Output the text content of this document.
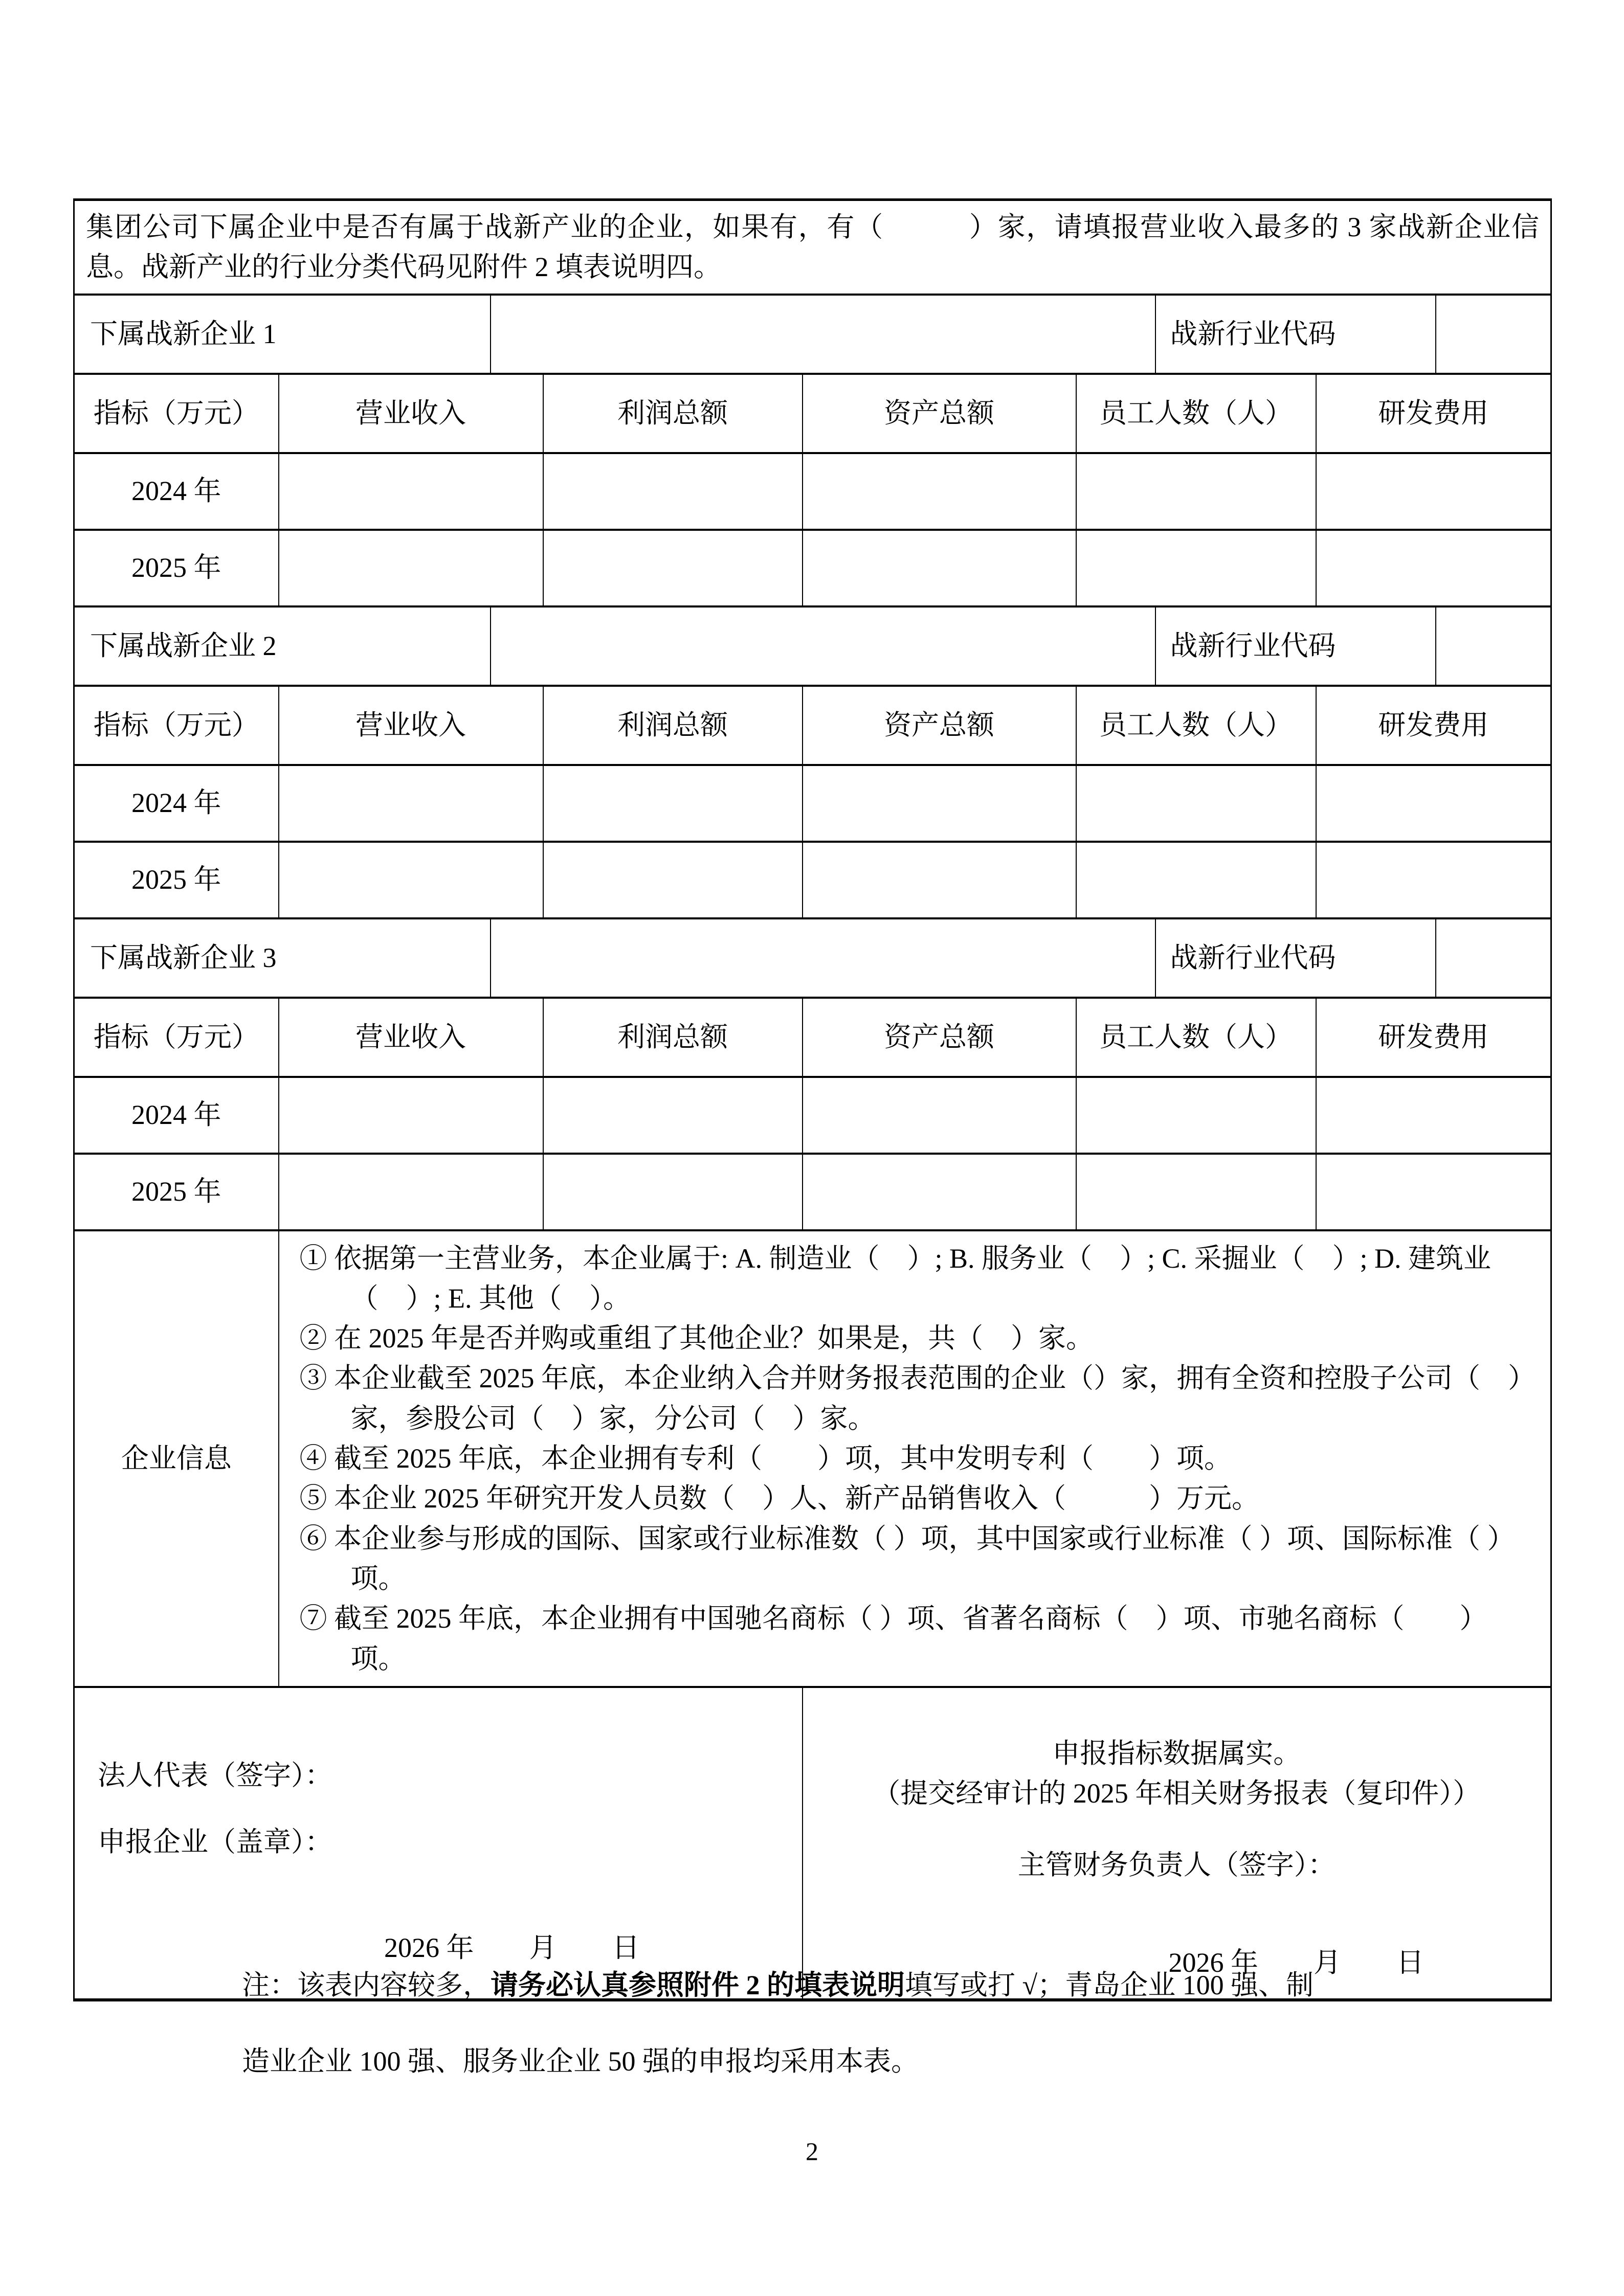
集团公司下属企业中是否有属于战新产业的企业，如果有，有（　　　）家，请填报营业收入最多的 3 家战新企业信息。战新产业的行业分类代码见附件 2 填表说明四。								
下属战新企业 1						战新行业代码		
指标（万元）	营业收入		利润总额	资产总额	员工人数（人）		研发费用	
2024 年								
2025 年								
下属战新企业 2						战新行业代码		
指标（万元）	营业收入		利润总额	资产总额	员工人数（人）		研发费用	
2024 年								
2025 年								
下属战新企业 3						战新行业代码		
指标（万元）	营业收入		利润总额	资产总额	员工人数（人）		研发费用	
2024 年								
2025 年								
企业信息	
① 依据第一主营业务，本企业属于: A. 制造业（　）; B. 服务业（　）; C. 采掘业（　）; D. 建筑业（　）; E. 其他（　）。
② 在 2025 年是否并购或重组了其他企业？如果是，共（　）家。
③ 本企业截至 2025 年底，本企业纳入合并财务报表范围的企业（）家，拥有全资和控股子公司（　）家，参股公司（　）家，分公司（　）家。
④ 截至 2025 年底，本企业拥有专利（　　）项，其中发明专利（　　）项。
⑤ 本企业 2025 年研究开发人员数（　）人、新产品销售收入（　　　）万元。
⑥ 本企业参与形成的国际、国家或行业标准数（ ）项，其中国家或行业标准（ ）项、国际标准（ ）项。
⑦ 截至 2025 年底，本企业拥有中国驰名商标（ ）项、省著名商标（　）项、市驰名商标（　　）项。

法人代表（签字）：
申报企业（盖章）：
2026 年　　月　　日

申报指标数据属实。
（提交经审计的 2025 年相关财务报表（复印件））
主管财务负责人（签字）：
2026 年　　月　　日
注：该表内容较多，请务必认真参照附件 2 的填表说明填写或打 √；青岛企业 100 强、制
造业企业 100 强、服务业企业 50 强的申报均采用本表。
2
